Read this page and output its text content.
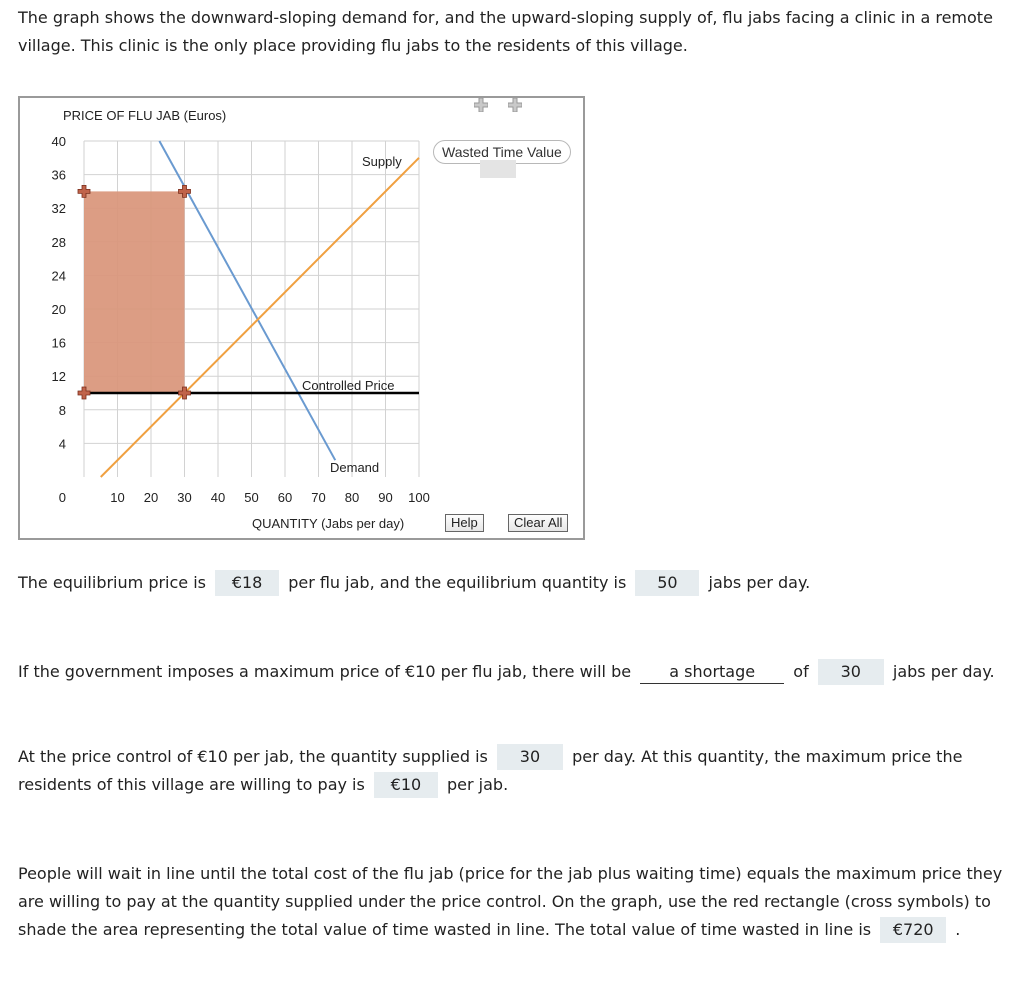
The graph shows the downward-sloping demand for, and the upward-sloping supply of, flu jabs facing a clinic in a remote village. This clinic is the only place providing flu jabs to the residents of this village.
40
36
32
28
24
20
16
12
8
4
0	10 20 30 40 50 60 70 80 90 100
PRICE OF FLU JAB (Euros)
QUANTITY (Jabs per day)
Supply
Demand
Controlled Price
Wasted Time Value
Help	Clear All
The equilibrium price is €18 per flu jab, and the equilibrium quantity is 50 jabs per day.
If the government imposes a maximum price of €10 per flu jab, there will be a shortage of 30 jabs per day.
At the price control of €10 per jab, the quantity supplied is 30 per day. At this quantity, the maximum price the residents of this village are willing to pay is €10 per jab.
People will wait in line until the total cost of the flu jab (price for the jab plus waiting time) equals the maximum price they are willing to pay at the quantity supplied under the price control. On the graph, use the red rectangle (cross symbols) to shade the area representing the total value of time wasted in line. The total value of time wasted in line is €720 .
